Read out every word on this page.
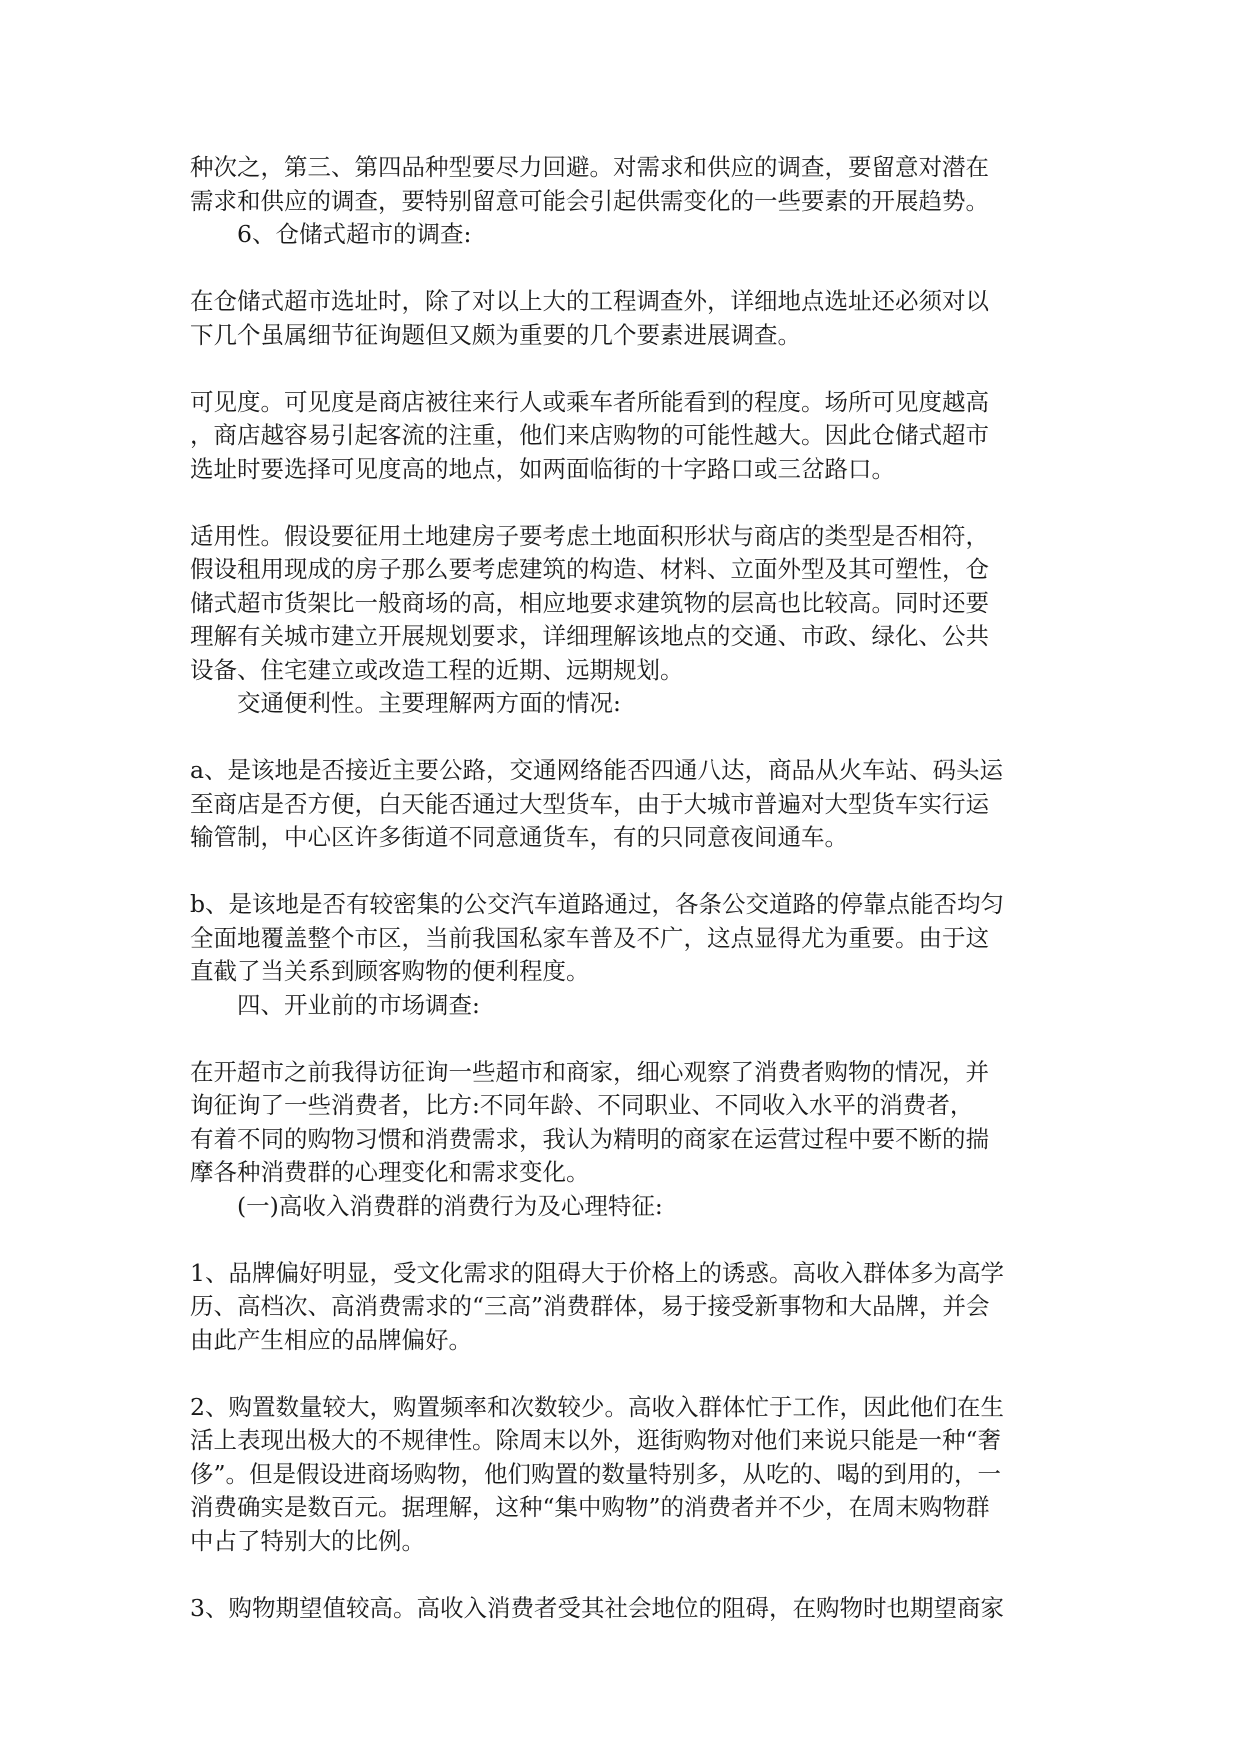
种次之，第三、第四品种型要尽力回避。对需求和供应的调查，要留意对潜在
需求和供应的调查，要特别留意可能会引起供需变化的一些要素的开展趋势。

6、仓储式超市的调查:

在仓储式超市选址时，除了对以上大的工程调查外，详细地点选址还必须对以
下几个虽属细节征询题但又颇为重要的几个要素进展调查。

可见度。可见度是商店被往来行人或乘车者所能看到的程度。场所可见度越高
，商店越容易引起客流的注重，他们来店购物的可能性越大。因此仓储式超市
选址时要选择可见度高的地点，如两面临街的十字路口或三岔路口。

适用性。假设要征用土地建房子要考虑土地面积形状与商店的类型是否相符，
假设租用现成的房子那么要考虑建筑的构造、材料、立面外型及其可塑性，仓
储式超市货架比一般商场的高，相应地要求建筑物的层高也比较高。同时还要
理解有关城市建立开展规划要求，详细理解该地点的交通、市政、绿化、公共
设备、住宅建立或改造工程的近期、远期规划。

交通便利性。主要理解两方面的情况:

a、是该地是否接近主要公路，交通网络能否四通八达，商品从火车站、码头运
至商店是否方便，白天能否通过大型货车，由于大城市普遍对大型货车实行运
输管制，中心区许多街道不同意通货车，有的只同意夜间通车。

b、是该地是否有较密集的公交汽车道路通过，各条公交道路的停靠点能否均匀
全面地覆盖整个市区，当前我国私家车普及不广，这点显得尤为重要。由于这
直截了当关系到顾客购物的便利程度。

四、开业前的市场调查:

在开超市之前我得访征询一些超市和商家，细心观察了消费者购物的情况，并
询征询了一些消费者，比方:不同年龄、不同职业、不同收入水平的消费者，
有着不同的购物习惯和消费需求，我认为精明的商家在运营过程中要不断的揣
摩各种消费群的心理变化和需求变化。

(一)高收入消费群的消费行为及心理特征:

1、品牌偏好明显，受文化需求的阻碍大于价格上的诱惑。高收入群体多为高学
历、高档次、高消费需求的“三高”消费群体，易于接受新事物和大品牌，并会
由此产生相应的品牌偏好。

2、购置数量较大，购置频率和次数较少。高收入群体忙于工作，因此他们在生
活上表现出极大的不规律性。除周末以外，逛街购物对他们来说只能是一种“奢
侈”。但是假设进商场购物，他们购置的数量特别多，从吃的、喝的到用的，一
消费确实是数百元。据理解，这种“集中购物”的消费者并不少，在周末购物群
中占了特别大的比例。

3、购物期望值较高。高收入消费者受其社会地位的阻碍，在购物时也期望商家
